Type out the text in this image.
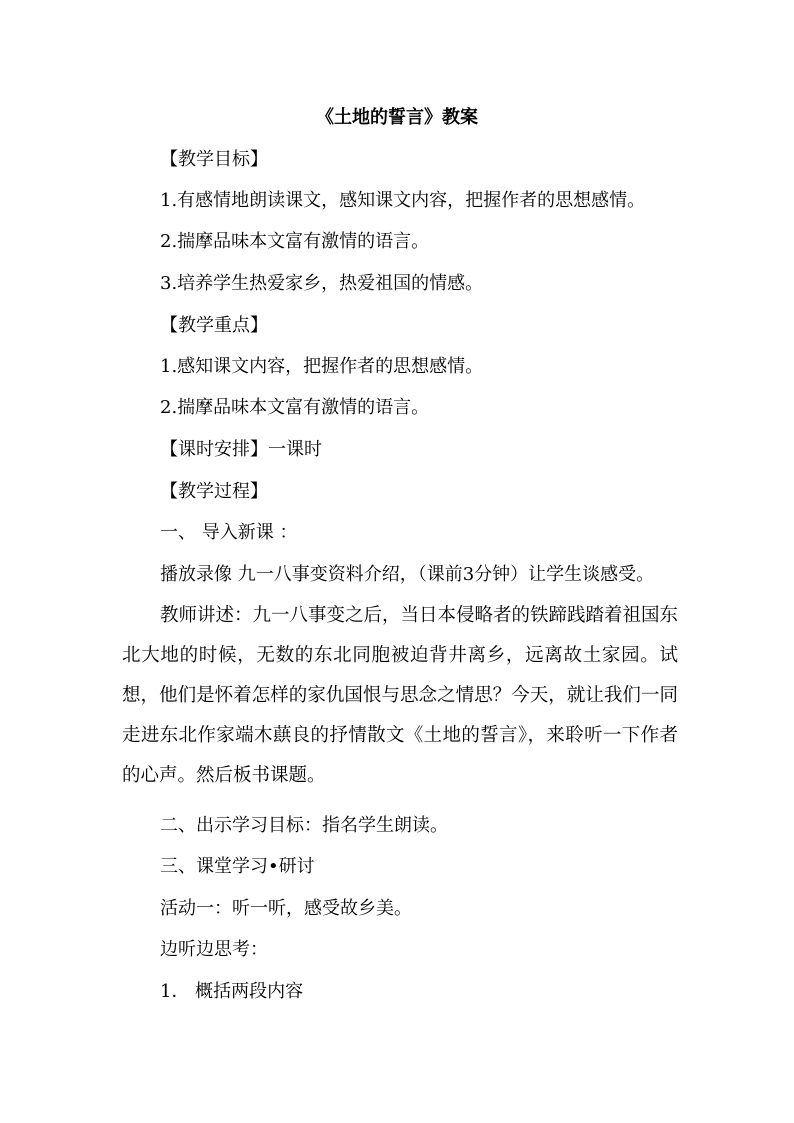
《土地的誓言》教案
【教学目标】
1.有感情地朗读课文，感知课文内容，把握作者的思想感情。
2.揣摩品味本文富有激情的语言。
3.培养学生热爱家乡，热爱祖国的情感。
【教学重点】
1.感知课文内容，把握作者的思想感情。
2.揣摩品味本文富有激情的语言。
【课时安排】一课时
【教学过程】
一、 导入新课 ：
播放录像 九一八事变资料介绍，（课前3分钟）让学生谈感受。
教师讲述：九一八事变之后，当日本侵略者的铁蹄践踏着祖国东北大地的时候，无数的东北同胞被迫背井离乡，远离故土家园。试想，他们是怀着怎样的家仇国恨与思念之情思？今天，就让我们一同走进东北作家端木蕻良的抒情散文《土地的誓言》，来聆听一下作者的心声。然后板书课题。
二、出示学习目标：指名学生朗读。
三、课堂学习•研讨
活动一：听一听，感受故乡美。
边听边思考：
1． 概括两段内容
